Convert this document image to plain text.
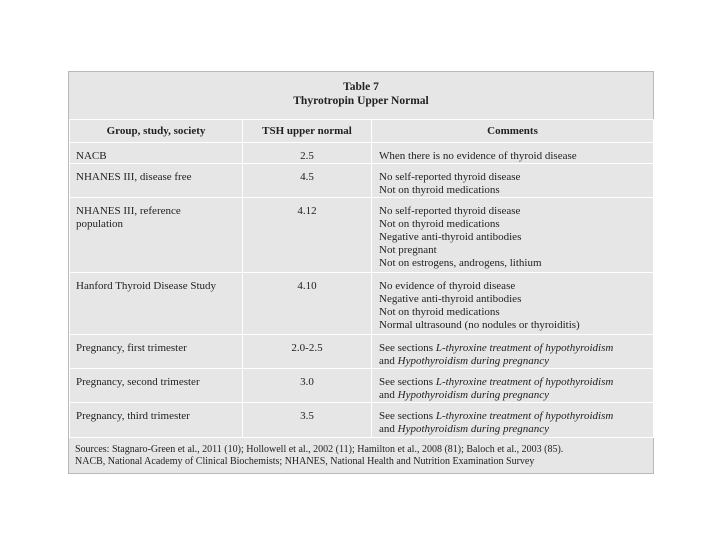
Table 7
Thyrotropin Upper Normal
Group, study, society	TSH upper normal	Comments

NACB	2.5	When there is no evidence of thyroid disease

NHANES III, disease free	4.5	No self-reported thyroid disease
Not on thyroid medications

NHANES III, reference
population	4.12	No self-reported thyroid disease
Not on thyroid medications
Negative anti-thyroid antibodies
Not pregnant
Not on estrogens, androgens, lithium

Hanford Thyroid Disease Study	4.10	No evidence of thyroid disease
Negative anti-thyroid antibodies
Not on thyroid medications
Normal ultrasound (no nodules or thyroiditis)

Pregnancy, first trimester	2.0-2.5	See sections L-thyroxine treatment of hypothyroidism
and Hypothyroidism during pregnancy

Pregnancy, second trimester	3.0	See sections L-thyroxine treatment of hypothyroidism
and Hypothyroidism during pregnancy

Pregnancy, third trimester	3.5	See sections L-thyroxine treatment of hypothyroidism
and Hypothyroidism during pregnancy
Sources: Stagnaro-Green et al., 2011 (10); Hollowell et al., 2002 (11); Hamilton et al., 2008 (81); Baloch et al., 2003 (85).
NACB, National Academy of Clinical Biochemists; NHANES, National Health and Nutrition Examination Survey
